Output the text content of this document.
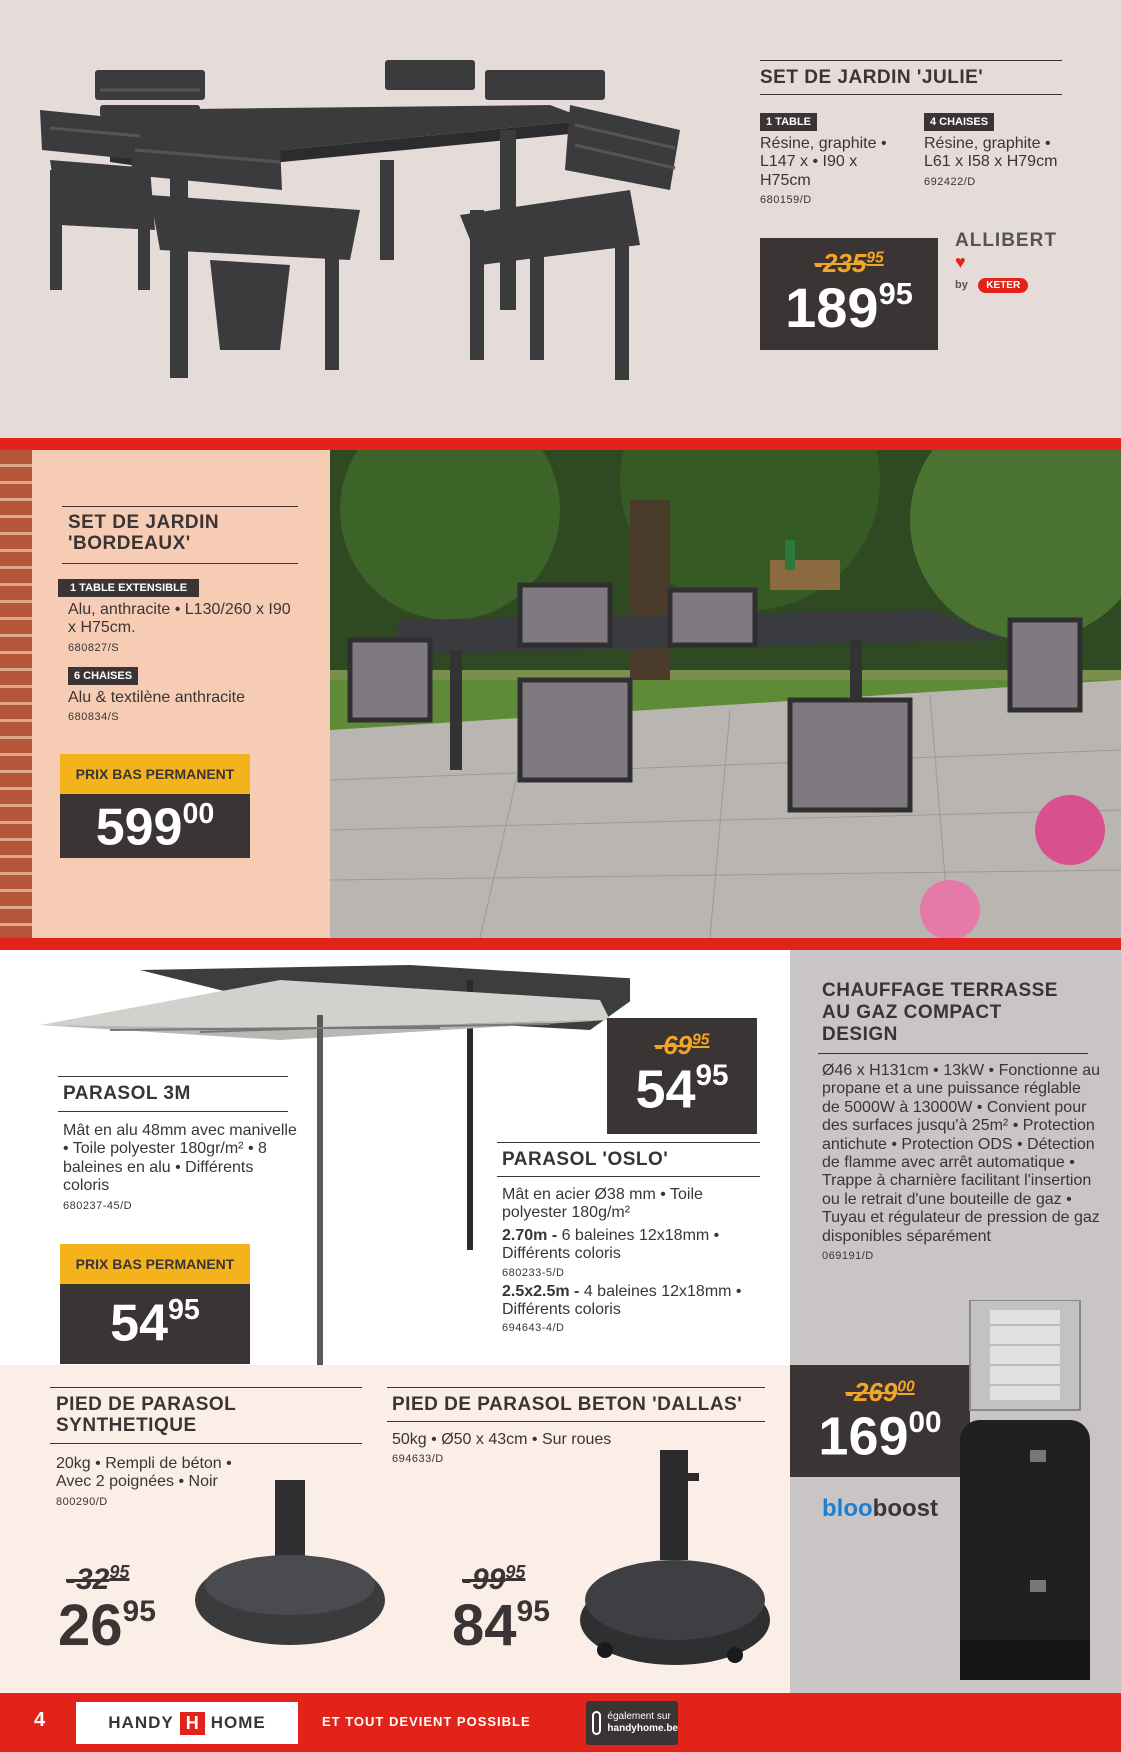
SET DE JARDIN 'JULIE'
1 TABLE
Résine, graphite • L147 x • I90 x H75cm
680159/D
4 CHAISES
Résine, graphite • L61 x I58 x H79cm
692422/D
$-235^{95}$
$189^{95}$
ALLIBERT ♥
by KETER
SET DE JARDIN 'BORDEAUX'
1 TABLE EXTENSIBLE
Alu, anthracite • L130/260 x I90 x H75cm.
680827/S
6 CHAISES
Alu & textilène anthracite
680834/S
PRIX BAS PERMANENT
$599^{00}$
PARASOL 3M
Mât en alu 48mm avec manivelle • Toile polyester 180gr/m² • 8 baleines en alu • Différents coloris
680237-45/D
PRIX BAS PERMANENT
$54^{95}$
$-69^{95}$
$54^{95}$
PARASOL 'OSLO'
Mât en acier Ø38 mm • Toile polyester 180g/m²
2.70m - 6 baleines 12x18mm • Différents coloris
680233-5/D
2.5x2.5m - 4 baleines 12x18mm • Différents coloris
694643-4/D
PIED DE PARASOL SYNTHETIQUE
20kg • Rempli de béton • Avec 2 poignées • Noir
800290/D
$-32^{95}$
$26^{95}$
PIED DE PARASOL BETON 'DALLAS'
50kg • Ø50 x 43cm • Sur roues
694633/D
$-99^{95}$
$84^{95}$
CHAUFFAGE TERRASSE AU GAZ COMPACT DESIGN
Ø46 x H131cm • 13kW • Fonctionne au propane et a une puissance réglable de 5000W à 13000W • Convient pour des surfaces jusqu'à 25m² • Protection antichute • Protection ODS • Détection de flamme avec arrêt automatique • Trappe à charnière facilitant l'insertion ou le retrait d'une bouteille de gaz • Tuyau et régulateur de pression de gaz disponibles séparément
069191/D
$-269^{00}$
$169^{00}$
blooboost
4	HANDY H HOME	ET TOUT DEVIENT POSSIBLE	également sur
handyhome.be
